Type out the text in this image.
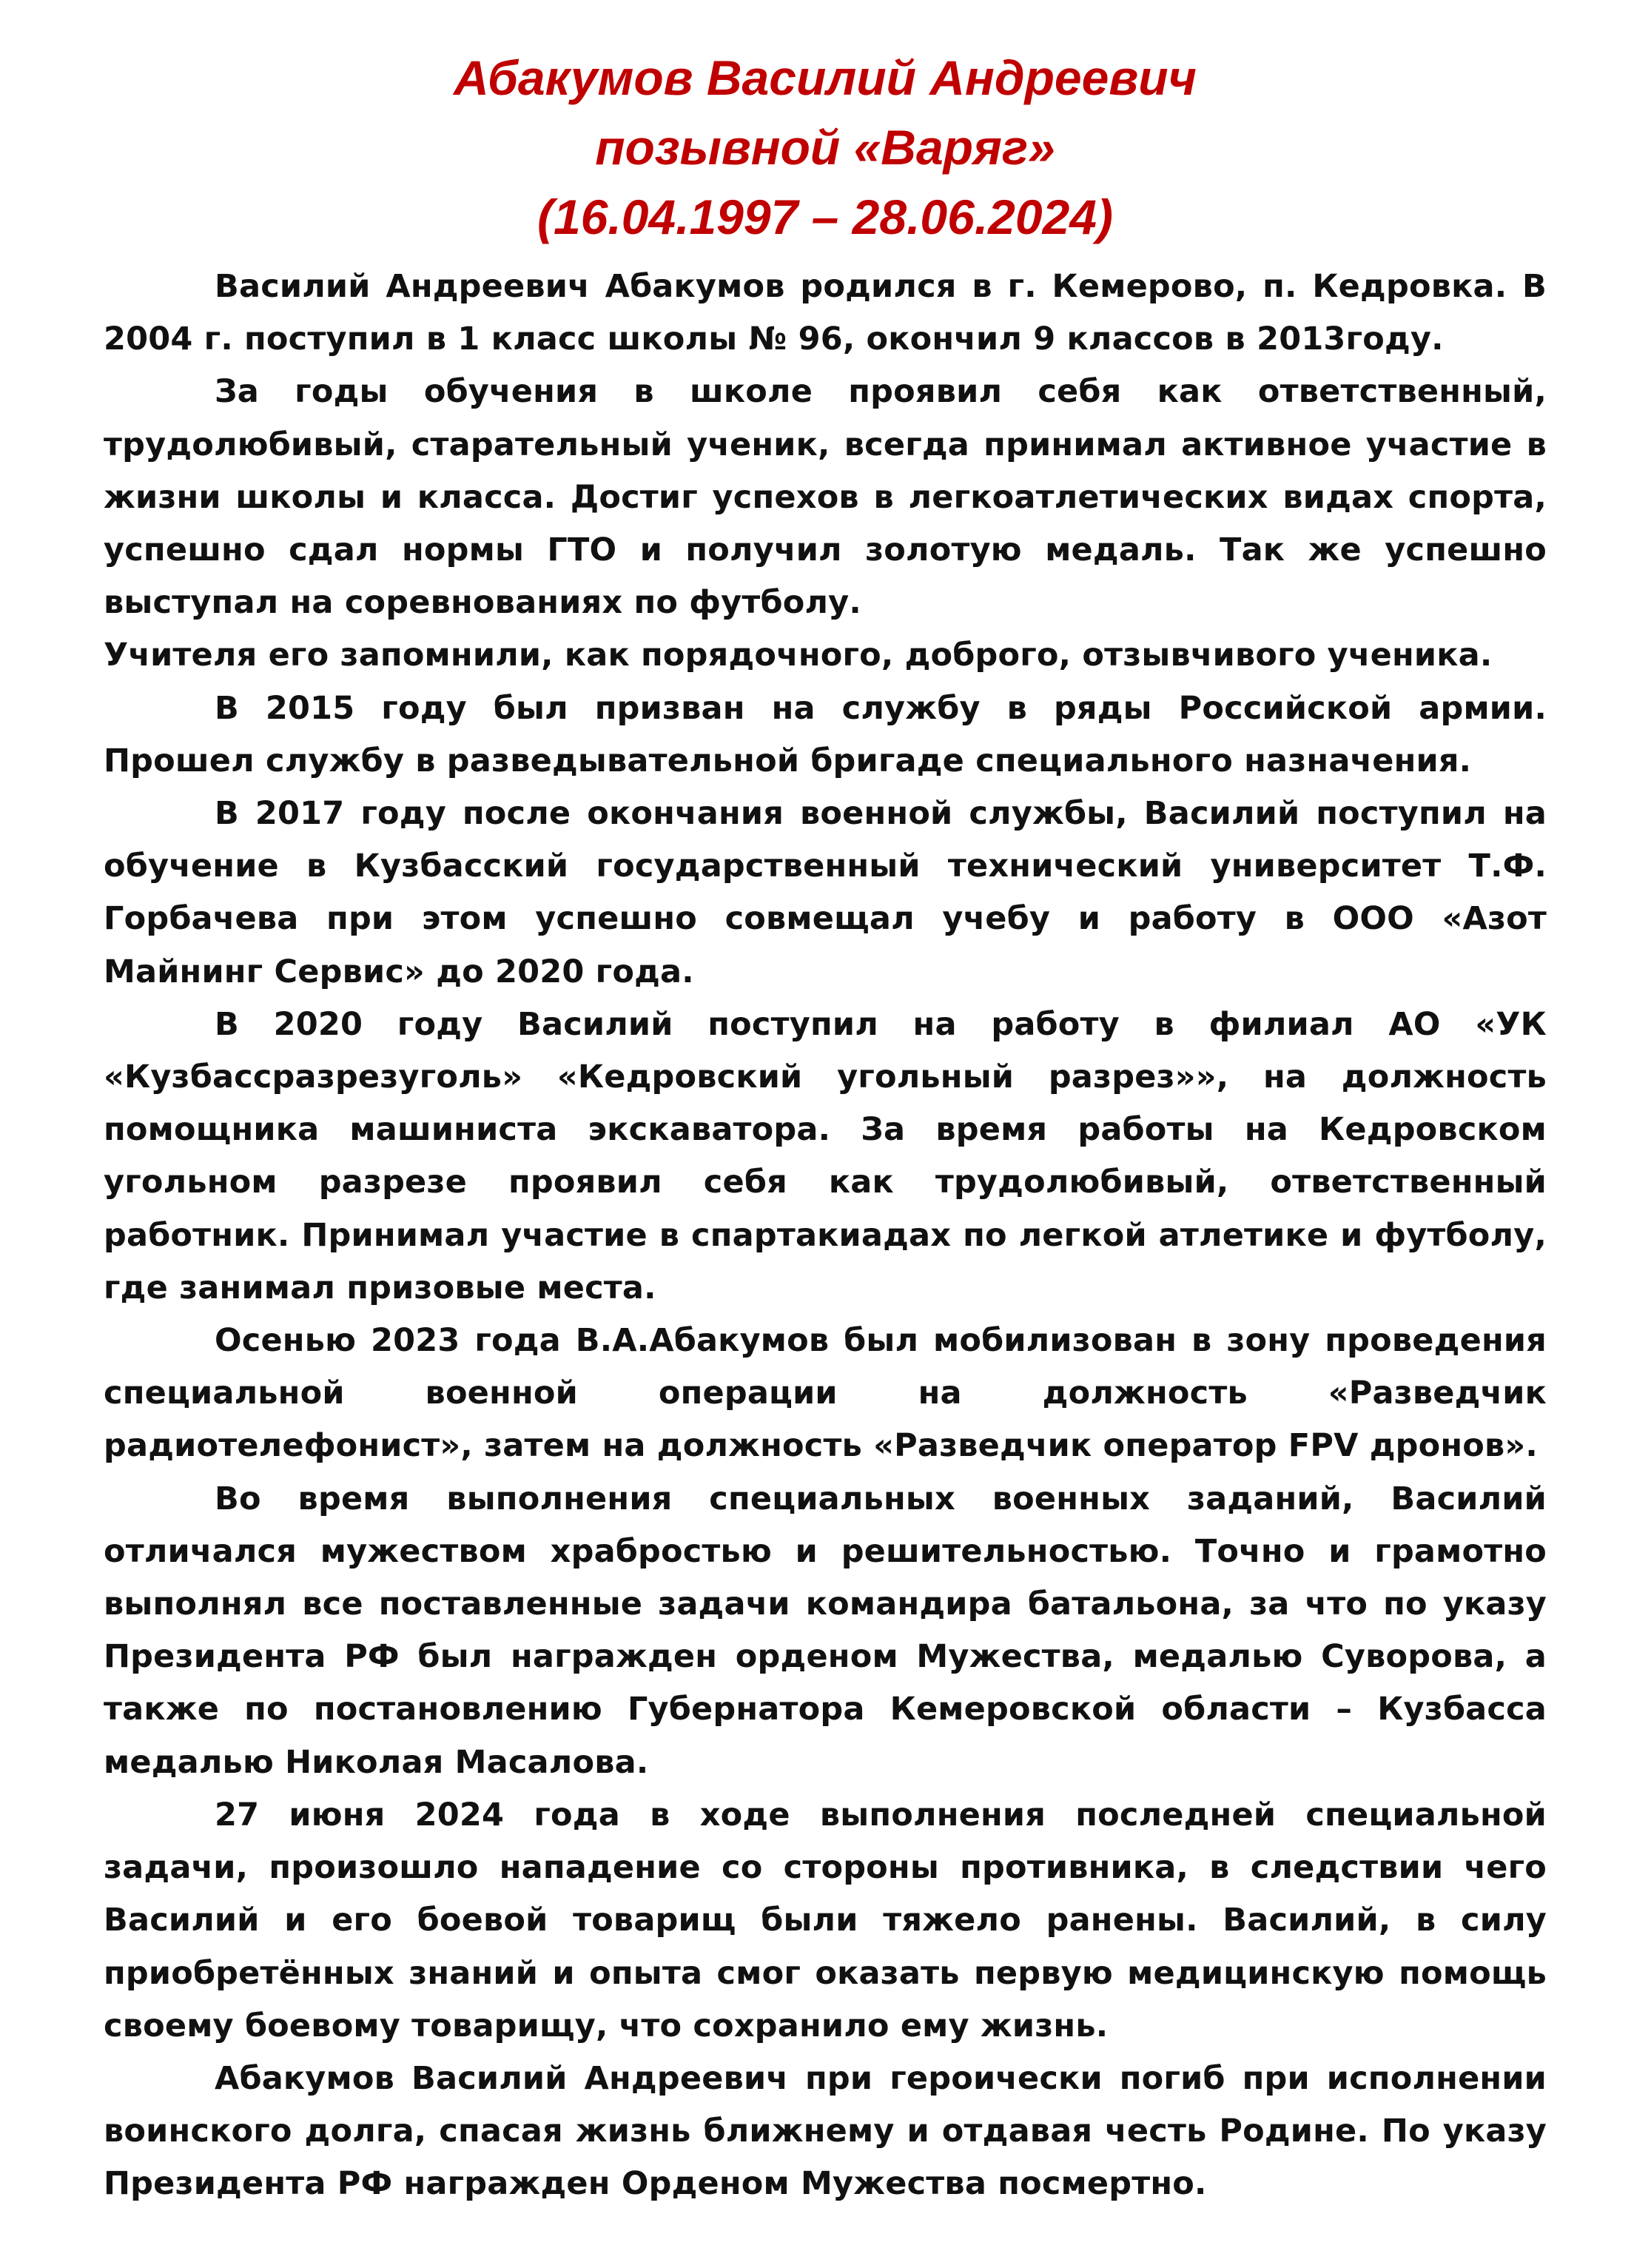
Абакумов Василий Андреевич
позывной «Варяг»
(16.04.1997 – 28.06.2024)

Василий Андреевич Абакумов родился в г. Кемерово, п. Кедровка. В 2004 г. поступил в 1 класс школы № 96, окончил 9 классов в 2013году.

За годы обучения в школе проявил себя как ответственный, трудолюбивый, старательный ученик, всегда принимал активное участие в жизни школы и класса. Достиг успехов в легкоатлетических видах спорта, успешно сдал нормы ГТО и получил золотую медаль. Так же успешно выступал на соревнованиях по футболу.

Учителя его запомнили, как порядочного, доброго, отзывчивого ученика.

В 2015 году был призван на службу в ряды Российской армии. Прошел службу в разведывательной бригаде специального назначения.

В 2017 году после окончания военной службы, Василий поступил на обучение в Кузбасский государственный технический университет Т.Ф. Горбачева при этом успешно совмещал учебу и работу в ООО «Азот Майнинг Сервис» до 2020 года.

В 2020 году Василий поступил на работу в филиал АО «УК «Кузбассразрезуголь» «Кедровский угольный разрез»», на должность помощника машиниста экскаватора. За время работы на Кедровском угольном разрезе проявил себя как трудолюбивый, ответственный работник. Принимал участие в спартакиадах по легкой атлетике и футболу, где занимал призовые места.

Осенью 2023 года В.А.Абакумов был мобилизован в зону проведения специальной военной операции на должность «Разведчик радиотелефонист», затем на должность «Разведчик оператор FPV дронов».

Во время выполнения специальных военных заданий, Василий отличался мужеством храбростью и решительностью. Точно и грамотно выполнял все поставленные задачи командира батальона, за что по указу Президента РФ был награжден орденом Мужества, медалью Суворова, а также по постановлению Губернатора Кемеровской области – Кузбасса медалью Николая Масалова.

27 июня 2024 года в ходе выполнения последней специальной задачи, произошло нападение со стороны противника, в следствии чего Василий и его боевой товарищ были тяжело ранены. Василий, в силу приобретённых знаний и опыта смог оказать первую медицинскую помощь своему боевому товарищу, что сохранило ему жизнь.

Абакумов Василий Андреевич при героически погиб при исполнении воинского долга, спасая жизнь ближнему и отдавая честь Родине. По указу Президента РФ награжден Орденом Мужества посмертно.
